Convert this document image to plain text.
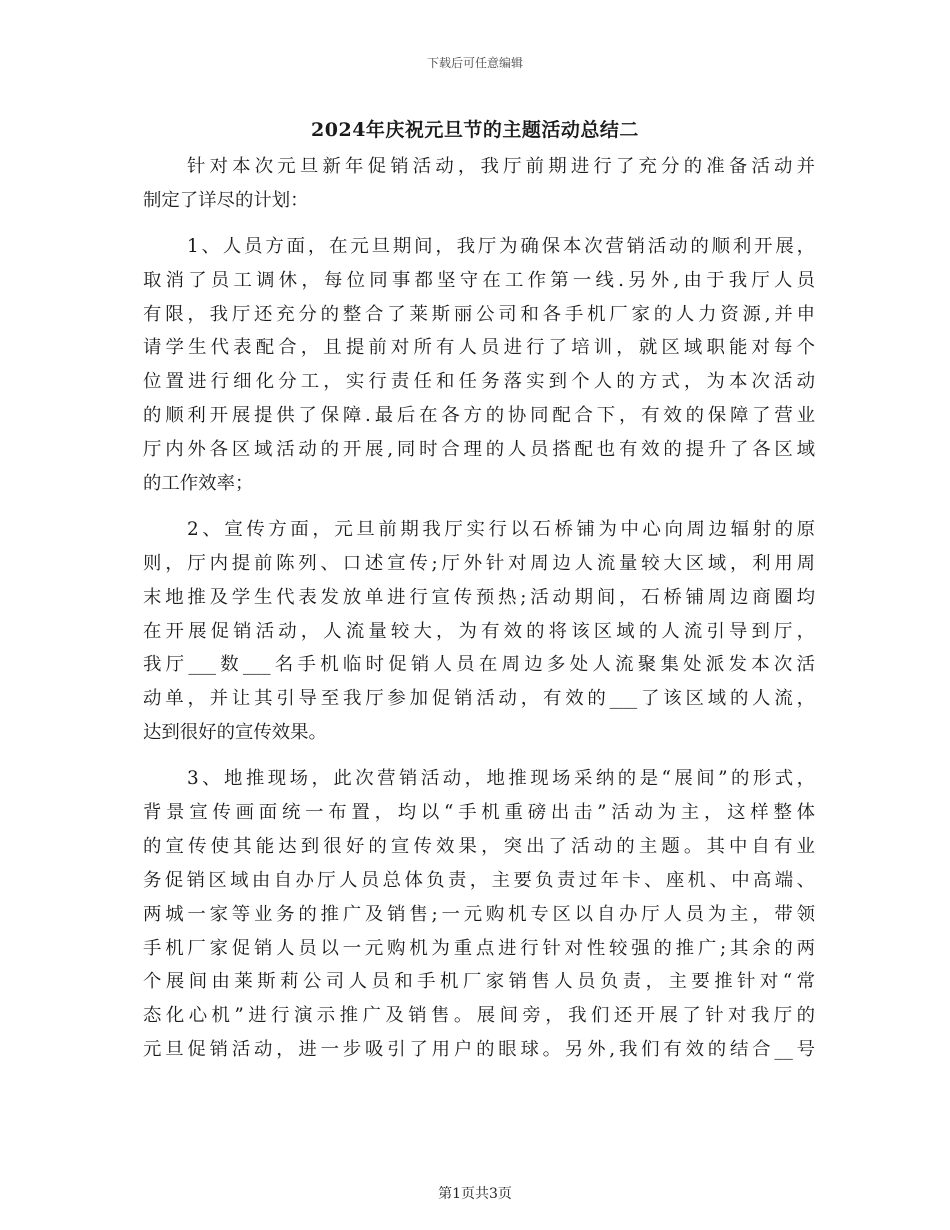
下载后可任意编辑
2024年庆祝元旦节的主题活动总结二
针对本次元旦新年促销活动，我厅前期进行了充分的准备活动并
制定了详尽的计划：
1、人员方面，在元旦期间，我厅为确保本次营销活动的顺利开展，
取消了员工调休，每位同事都坚守在工作第一线.另外,由于我厅人员
有限，我厅还充分的整合了莱斯丽公司和各手机厂家的人力资源,并申
请学生代表配合，且提前对所有人员进行了培训，就区域职能对每个
位置进行细化分工，实行责任和任务落实到个人的方式，为本次活动
的顺利开展提供了保障.最后在各方的协同配合下，有效的保障了营业
厅内外各区域活动的开展,同时合理的人员搭配也有效的提升了各区域
的工作效率；
2、宣传方面，元旦前期我厅实行以石桥铺为中心向周边辐射的原
则，厅内提前陈列、口述宣传;厅外针对周边人流量较大区域，利用周
末地推及学生代表发放单进行宣传预热;活动期间，石桥铺周边商圈均
在开展促销活动，人流量较大，为有效的将该区域的人流引导到厅，
我厅___数___名手机临时促销人员在周边多处人流聚集处派发本次活
动单，并让其引导至我厅参加促销活动，有效的___了该区域的人流，
达到很好的宣传效果。
3、地推现场，此次营销活动，地推现场采纳的是“展间”的形式，
背景宣传画面统一布置，均以“手机重磅出击”活动为主，这样整体
的宣传使其能达到很好的宣传效果，突出了活动的主题。其中自有业
务促销区域由自办厅人员总体负责，主要负责过年卡、座机、中高端、
两城一家等业务的推广及销售;一元购机专区以自办厅人员为主，带领
手机厂家促销人员以一元购机为重点进行针对性较强的推广;其余的两
个展间由莱斯莉公司人员和手机厂家销售人员负责，主要推针对“常
态化心机”进行演示推广及销售。展间旁，我们还开展了针对我厅的
元旦促销活动，进一步吸引了用户的眼球。另外,我们有效的结合__号
第1页共3页
